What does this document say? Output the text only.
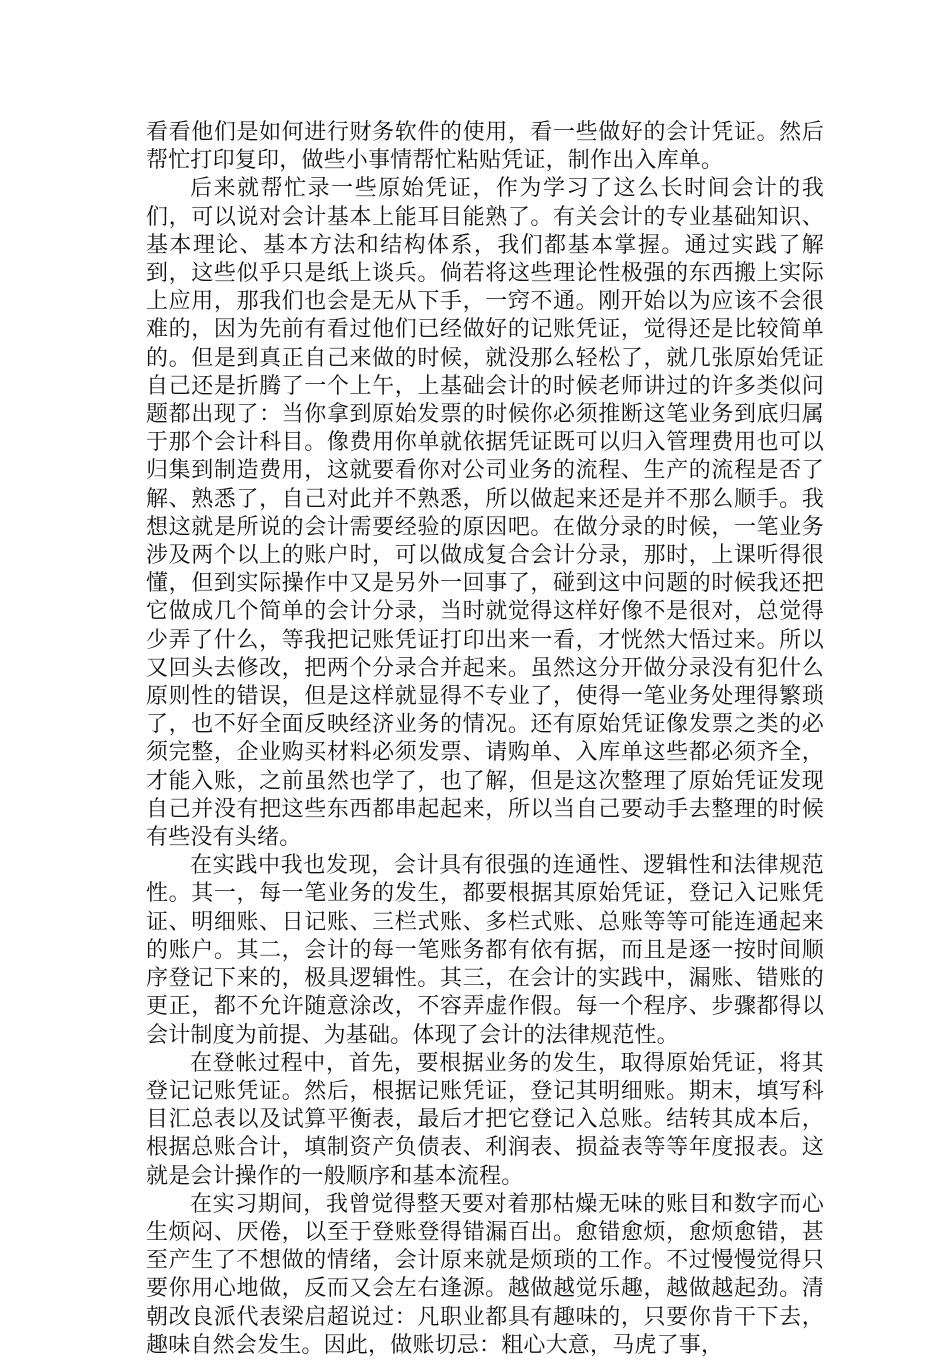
看看他们是如何进行财务软件的使用，看一些做好的会计凭证。然后帮忙打印复印，做些小事情帮忙粘贴凭证，制作出入库单。

后来就帮忙录一些原始凭证，作为学习了这么长时间会计的我们，可以说对会计基本上能耳目能熟了。有关会计的专业基础知识、基本理论、基本方法和结构体系，我们都基本掌握。通过实践了解到，这些似乎只是纸上谈兵。倘若将这些理论性极强的东西搬上实际上应用，那我们也会是无从下手，一窍不通。刚开始以为应该不会很难的，因为先前有看过他们已经做好的记账凭证，觉得还是比较简单的。但是到真正自己来做的时候，就没那么轻松了，就几张原始凭证自己还是折腾了一个上午，上基础会计的时候老师讲过的许多类似问题都出现了：当你拿到原始发票的时候你必须推断这笔业务到底归属于那个会计科目。像费用你单就依据凭证既可以归入管理费用也可以归集到制造费用，这就要看你对公司业务的流程、生产的流程是否了解、熟悉了，自己对此并不熟悉，所以做起来还是并不那么顺手。我想这就是所说的会计需要经验的原因吧。在做分录的时候，一笔业务涉及两个以上的账户时，可以做成复合会计分录，那时，上课听得很懂，但到实际操作中又是另外一回事了，碰到这中问题的时候我还把它做成几个简单的会计分录，当时就觉得这样好像不是很对，总觉得少弄了什么，等我把记账凭证打印出来一看，才恍然大悟过来。所以又回头去修改，把两个分录合并起来。虽然这分开做分录没有犯什么原则性的错误，但是这样就显得不专业了，使得一笔业务处理得繁琐了，也不好全面反映经济业务的情况。还有原始凭证像发票之类的必须完整，企业购买材料必须发票、请购单、入库单这些都必须齐全，才能入账，之前虽然也学了，也了解，但是这次整理了原始凭证发现自己并没有把这些东西都串起起来，所以当自己要动手去整理的时候有些没有头绪。

在实践中我也发现，会计具有很强的连通性、逻辑性和法律规范性。其一，每一笔业务的发生，都要根据其原始凭证，登记入记账凭证、明细账、日记账、三栏式账、多栏式账、总账等等可能连通起来的账户。其二，会计的每一笔账务都有依有据，而且是逐一按时间顺序登记下来的，极具逻辑性。其三，在会计的实践中，漏账、错账的更正，都不允许随意涂改，不容弄虚作假。每一个程序、步骤都得以会计制度为前提、为基础。体现了会计的法律规范性。

在登帐过程中，首先，要根据业务的发生，取得原始凭证，将其登记记账凭证。然后，根据记账凭证，登记其明细账。期末，填写科目汇总表以及试算平衡表，最后才把它登记入总账。结转其成本后，根据总账合计，填制资产负债表、利润表、损益表等等年度报表。这就是会计操作的一般顺序和基本流程。

在实习期间，我曾觉得整天要对着那枯燥无味的账目和数字而心生烦闷、厌倦，以至于登账登得错漏百出。愈错愈烦，愈烦愈错，甚至产生了不想做的情绪，会计原来就是烦琐的工作。不过慢慢觉得只要你用心地做，反而又会左右逢源。越做越觉乐趣，越做越起劲。清朝改良派代表梁启超说过：凡职业都具有趣味的，只要你肯干下去，趣味自然会发生。因此，做账切忌：粗心大意，马虎了事，
